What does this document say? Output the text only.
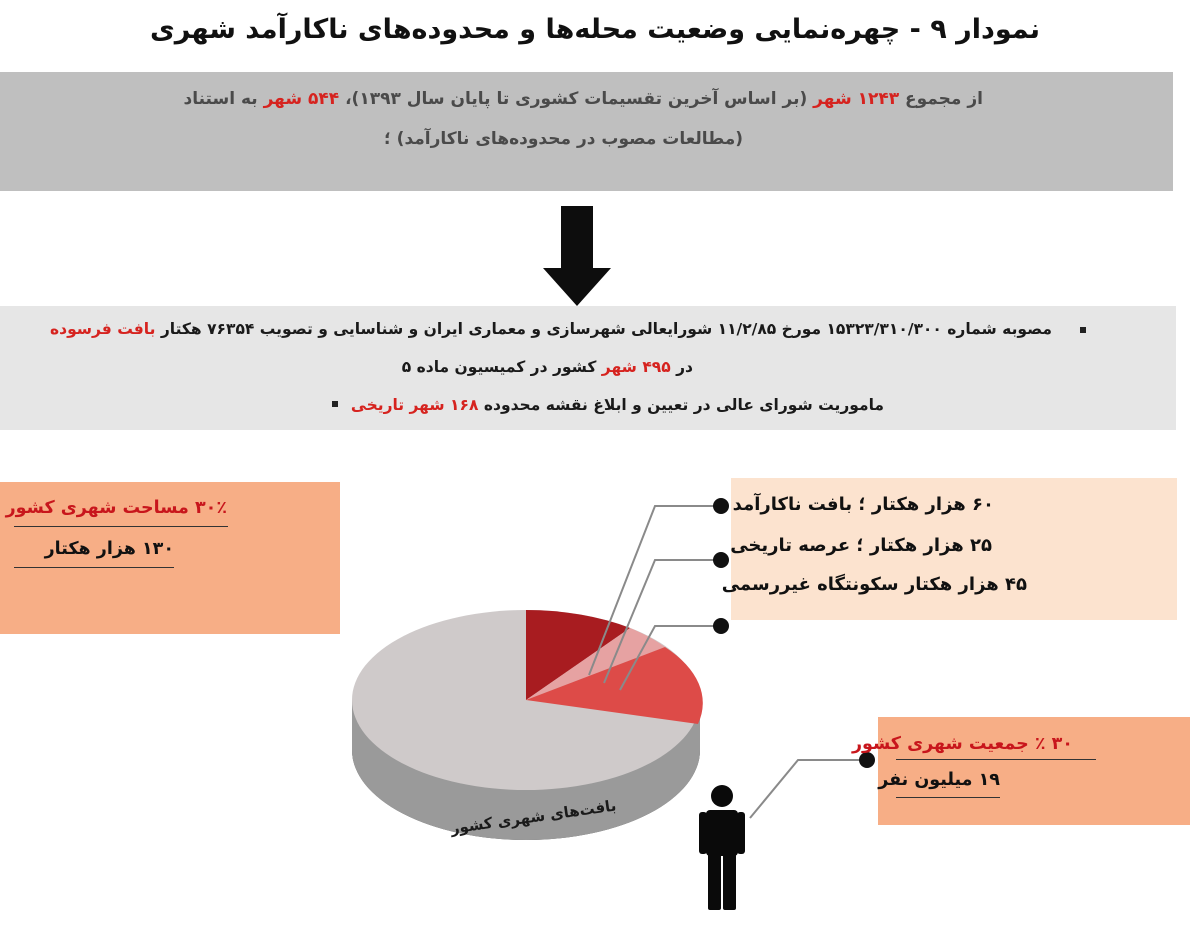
نمودار ۹ - چهره‌نمایی وضعیت محله‌ها و محدوده‌های ناکارآمد شهری
از مجموع ۱۲۴۳ شهر (بر اساس آخرین تقسیمات کشوری تا پایان سال ۱۳۹۳)، ۵۴۴ شهر به استناد
(مطالعات مصوب در محدوده‌های ناکارآمد) ؛
مصوبه شماره ۱۵۳۲۳/۳۱۰/۳۰۰ مورخ ۱۱/۲/۸۵ شورایعالی شهرسازی و معماری ایران و شناسایی و تصویب ۷۶۳۵۴ هکتار بافت فرسوده
در ۴۹۵ شهر کشور در کمیسیون ماده ۵
ماموریت شورای عالی در تعیین و ابلاغ نقشه محدوده ۱۶۸ شهر تاریخی
بافت‌های شهری کشور
۳۰٪ مساحت شهری کشور
۱۳۰ هزار هکتار
۶۰ هزار هکتار ؛ بافت ناکارآمد
۲۵ هزار هکتار ؛ عرصه تاریخی
۴۵ هزار هکتار سکونتگاه غیررسمی
۳۰ ٪ جمعیت شهری کشور
۱۹ میلیون نفر
